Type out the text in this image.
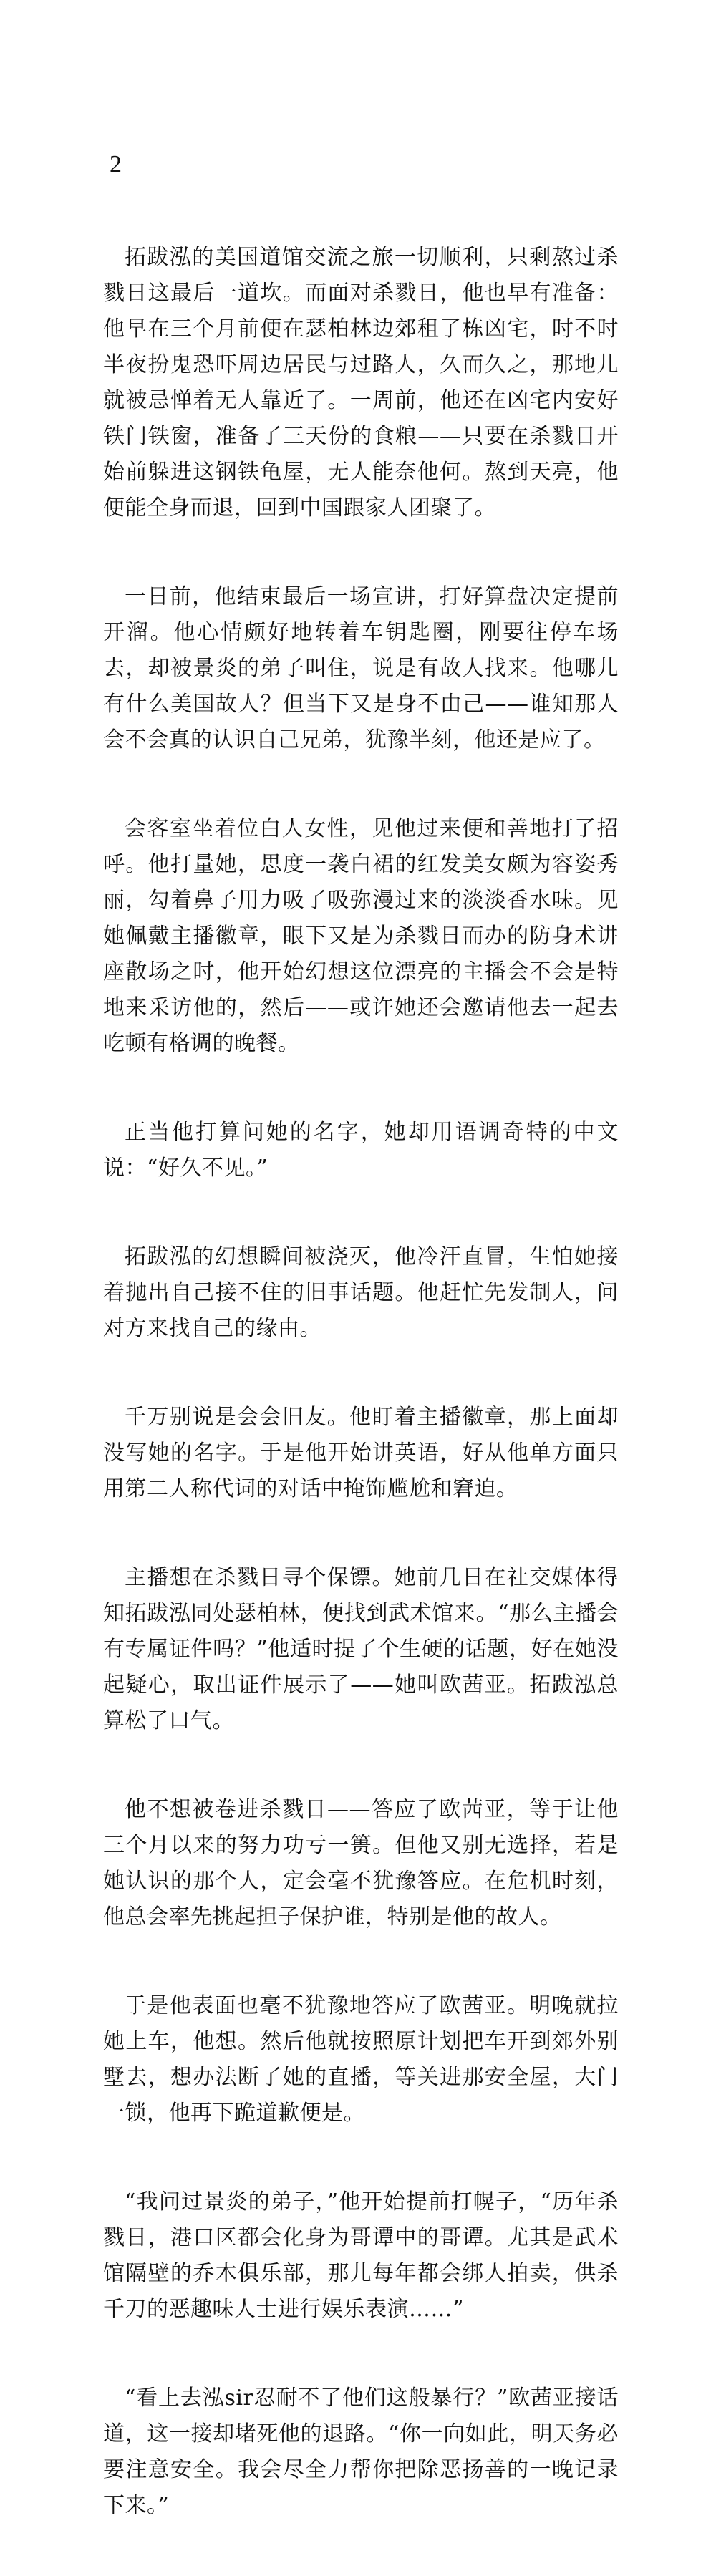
2

拓跋泓的美国道馆交流之旅一切顺利，只剩熬过杀戮日这最后一道坎。而面对杀戮日，他也早有准备：他早在三个月前便在瑟柏林边郊租了栋凶宅，时不时半夜扮鬼恐吓周边居民与过路人，久而久之，那地儿就被忌惮着无人靠近了。一周前，他还在凶宅内安好铁门铁窗，准备了三天份的食粮——只要在杀戮日开始前躲进这钢铁龟屋，无人能奈他何。熬到天亮，他便能全身而退，回到中国跟家人团聚了。

一日前，他结束最后一场宣讲，打好算盘决定提前开溜。他心情颇好地转着车钥匙圈，刚要往停车场去，却被景炎的弟子叫住，说是有故人找来。他哪儿有什么美国故人？但当下又是身不由己——谁知那人会不会真的认识自己兄弟，犹豫半刻，他还是应了。

会客室坐着位白人女性，见他过来便和善地打了招呼。他打量她，思度一袭白裙的红发美女颇为容姿秀丽，勾着鼻子用力吸了吸弥漫过来的淡淡香水味。见她佩戴主播徽章，眼下又是为杀戮日而办的防身术讲座散场之时，他开始幻想这位漂亮的主播会不会是特地来采访他的，然后——或许她还会邀请他去一起去吃顿有格调的晚餐。

正当他打算问她的名字，她却用语调奇特的中文说：“好久不见。”

拓跋泓的幻想瞬间被浇灭，他冷汗直冒，生怕她接着抛出自己接不住的旧事话题。他赶忙先发制人，问对方来找自己的缘由。

千万别说是会会旧友。他盯着主播徽章，那上面却没写她的名字。于是他开始讲英语，好从他单方面只用第二人称代词的对话中掩饰尴尬和窘迫。

主播想在杀戮日寻个保镖。她前几日在社交媒体得知拓跋泓同处瑟柏林，便找到武术馆来。“那么主播会有专属证件吗？”他适时提了个生硬的话题，好在她没起疑心，取出证件展示了——她叫欧茜亚。拓跋泓总算松了口气。

他不想被卷进杀戮日——答应了欧茜亚，等于让他三个月以来的努力功亏一篑。但他又别无选择，若是她认识的那个人，定会毫不犹豫答应。在危机时刻，他总会率先挑起担子保护谁，特别是他的故人。

于是他表面也毫不犹豫地答应了欧茜亚。明晚就拉她上车，他想。然后他就按照原计划把车开到郊外别墅去，想办法断了她的直播，等关进那安全屋，大门一锁，他再下跪道歉便是。

“我问过景炎的弟子，”他开始提前打幌子，“历年杀戮日，港口区都会化身为哥谭中的哥谭。尤其是武术馆隔壁的乔木俱乐部，那儿每年都会绑人拍卖，供杀千刀的恶趣味人士进行娱乐表演……”

“看上去泓sir忍耐不了他们这般暴行？”欧茜亚接话道，这一接却堵死他的退路。“你一向如此，明天务必要注意安全。我会尽全力帮你把除恶扬善的一晚记录下来。”
